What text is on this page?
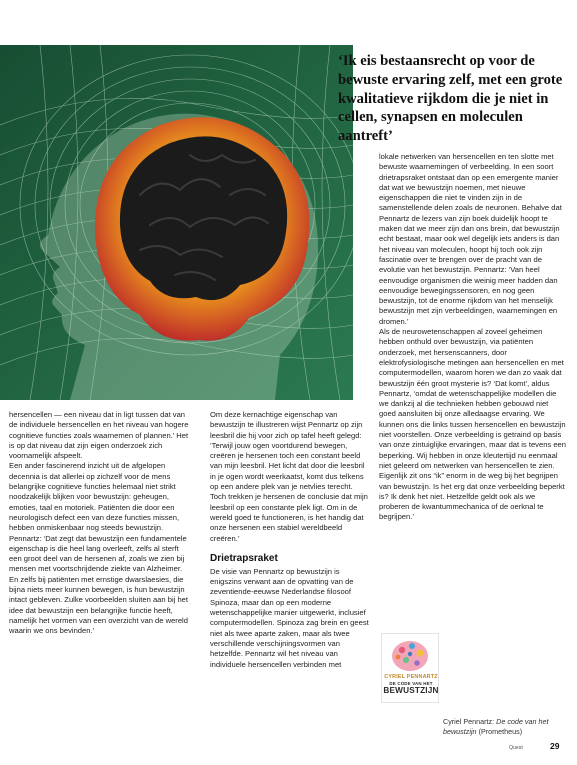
‘Ik eis bestaansrecht op voor de bewuste ervaring zelf, met een grote kwalitatieve rijkdom die je niet in cellen, synapsen en moleculen aantreft’

hersencellen — een niveau dat in ligt tussen dat van de individuele hersencellen en het niveau van hogere cognitieve functies zoals waarnemen of plannen.’ Het is op dat niveau dat zijn eigen onderzoek zich voornamelijk afspeelt.

Een ander fascinerend inzicht uit de afgelopen decennia is dat allerlei op zichzelf voor de mens belangrijke cognitieve functies helemaal niet strikt noodzakelijk blijken voor bewustzijn: geheugen, emoties, taal en motoriek. Patiënten die door een neurologisch defect een van deze functies missen, hebben onmiskenbaar nog steeds bewustzijn. Pennartz: ‘Dat zegt dat bewustzijn een fundamentele eigenschap is die heel lang overleeft, zelfs al sterft een groot deel van de hersenen af, zoals we zien bij mensen met voortschrijdende ziekte van Alzheimer. En zelfs bij patiënten met ernstige dwarslaesies, die bijna niets meer kunnen bewegen, is hun bewustzijn intact gebleven. Zulke voorbeelden sluiten aan bij het idee dat bewustzijn een belangrijke functie heeft, namelijk het vormen van een overzicht van de wereld waarin we ons bevinden.’

Om deze kernachtige eigenschap van bewustzijn te illustreren wijst Pennartz op zijn leesbril die hij voor zich op tafel heeft gelegd: ‘Terwijl jouw ogen voortdurend bewegen, creëren je hersenen toch een constant beeld van mijn leesbril. Het licht dat door die leesbril in je ogen wordt weerkaatst, komt dus telkens op een andere plek van je netvlies terecht. Toch trekken je hersenen de conclusie dat mijn leesbril op een constante plek ligt. Om in de wereld goed te functioneren, is het handig dat onze hersenen een stabiel wereldbeeld creëren.’

Drietrapsraket

De visie van Pennartz op bewustzijn is enigszins verwant aan de opvatting van de zeventiende-eeuwse Nederlandse filosoof Spinoza, maar dan op een moderne wetenschappelijke manier uitgewerkt, inclusief computermodellen. Spinoza zag brein en geest niet als twee aparte zaken, maar als twee verschillende verschijningsvormen van hetzelfde. Pennartz wil het niveau van individuele hersencellen verbinden met

lokale netwerken van hersencellen en ten slotte met bewuste waarnemingen of verbeelding. In een soort drietrapsraket ontstaat dan op een emergente manier dat wat we bewustzijn noemen, met nieuwe eigenschappen die niet te vinden zijn in de samenstellende delen zoals de neuronen. Behalve dat Pennartz de lezers van zijn boek duidelijk hoopt te maken dat we meer zijn dan ons brein, dat bewustzijn echt bestaat, maar ook wel degelijk iets anders is dan het niveau van moleculen, hoopt hij toch ook zijn fascinatie over te brengen over de pracht van de evolutie van het bewustzijn. Pennartz: ‘Van heel eenvoudige organismen die weinig meer hadden dan eenvoudige bewegingssensoren, en nog geen bewustzijn, tot de enorme rijkdom van het menselijk bewustzijn met zijn verbeeldingen, waarnemingen en dromen.’

Als de neurowetenschappen al zoveel geheimen hebben onthuld over bewustzijn, via patiënten onderzoek, met hersenscanners, door elektrofysiologische metingen aan hersencellen en met computermodellen, waarom horen we dan zo vaak dat bewustzijn één groot mysterie is? ‘Dat komt’, aldus Pennartz, ‘omdat de wetenschappelijke modellen die we dankzij al die technieken hebben gebouwd niet goed aansluiten bij onze alledaagse ervaring. We kunnen ons die links tussen hersencellen en bewustzijn niet voorstellen. Onze verbeelding is getraind op basis van onze zintuiglijke ervaringen, maar dat is tevens een beperking. Wij hebben in onze kleutertijd nu eenmaal niet geleerd om netwerken van hersencellen te zien. Eigenlijk zit ons “ik” enorm in de weg bij het begrijpen van bewustzijn. Is het erg dat onze verbeelding beperkt is? Ik denk het niet. Hetzelfde geldt ook als we proberen de kwantummechanica of de oerknal te begrijpen.’

CYRIEL PENNARTZ
DE CODE VAN HET
BEWUSTZIJN
Cyriel Pennartz: De code van het bewustzijn (Prometheus)
Quest	29
